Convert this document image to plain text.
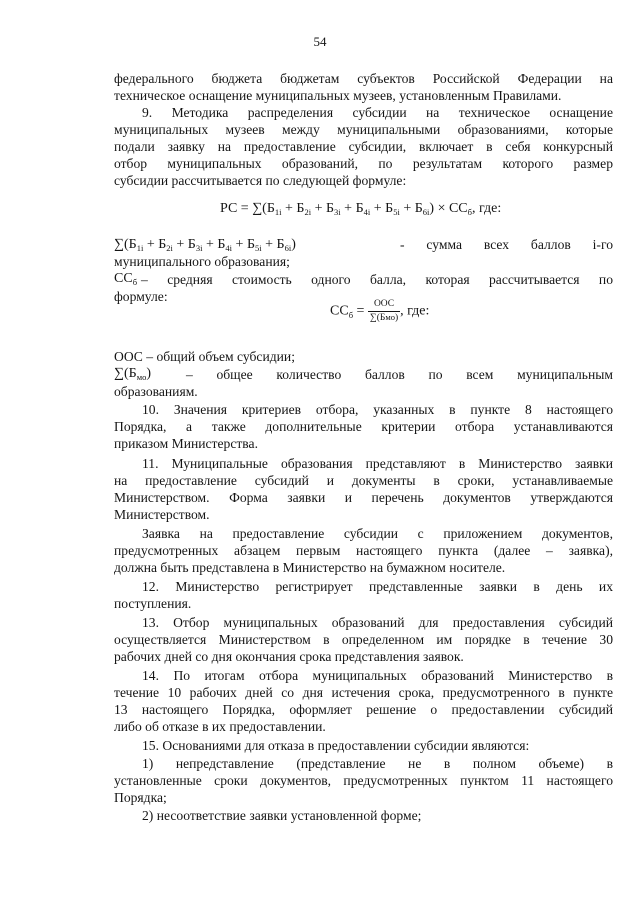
54

федерального бюджета бюджетам субъектов Российской Федерации на

техническое оснащение муниципальных музеев, установленным Правилами.

9. Методика распределения субсидии на техническое оснащение

муниципальных музеев между муниципальными образованиями, которые

подали заявку на предоставление субсидии, включает в себя конкурсный

отбор муниципальных образований, по результатам которого размер

субсидии рассчитывается по следующей формуле:

РС = $\sum(Б_{1i} + Б_{2i} + Б_{3i} + Б_{4i} + Б_{5i} + Б_{6i}) \times СС_б$, где:
$\sum(Б_{1i} + Б_{2i} + Б_{3i} + Б_{4i} + Б_{5i} + Б_{6i})$	- сумма всех баллов i-го

муниципального образования;

$СС_б$ – средняя стоимость одного балла, которая рассчитывается по

формуле:

$СС_б = \frac{\text{ООС}}{\text{∑(Бмо)}}$ , где:

ООС – общий объем субсидии;

$\sum(Б_{мо})$	– общее количество баллов по всем муниципальным

образованиям.

10. Значения критериев отбора, указанных в пункте 8 настоящего

Порядка, а также дополнительные критерии отбора устанавливаются

приказом Министерства.

11. Муниципальные образования представляют в Министерство заявки

на предоставление субсидий и документы в сроки, устанавливаемые

Министерством. Форма заявки и перечень документов утверждаются

Министерством.

Заявка на предоставление субсидии с приложением документов,

предусмотренных абзацем первым настоящего пункта (далее – заявка),

должна быть представлена в Министерство на бумажном носителе.

12. Министерство регистрирует представленные заявки в день их

поступления.

13. Отбор муниципальных образований для предоставления субсидий

осуществляется Министерством в определенном им порядке в течение 30

рабочих дней со дня окончания срока представления заявок.

14. По итогам отбора муниципальных образований Министерство в

течение 10 рабочих дней со дня истечения срока, предусмотренного в пункте

13 настоящего Порядка, оформляет решение о предоставлении субсидий

либо об отказе в их предоставлении.

15. Основаниями для отказа в предоставлении субсидии являются:

1) непредставление (представление не в полном объеме) в

установленные сроки документов, предусмотренных пунктом 11 настоящего

Порядка;

2) несоответствие заявки установленной форме;
